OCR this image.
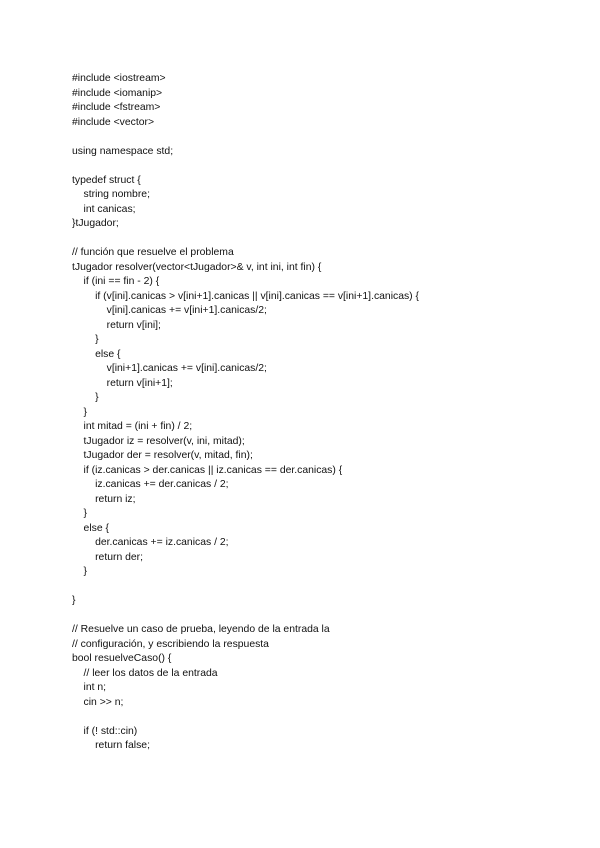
#include <iostream>
#include <iomanip>
#include <fstream>
#include <vector>
using namespace std;
typedef struct {
string nombre;
int canicas;
}tJugador;
// función que resuelve el problema
tJugador resolver(vector<tJugador>& v, int ini, int fin) {
if (ini == fin - 2) {
if (v[ini].canicas > v[ini+1].canicas || v[ini].canicas == v[ini+1].canicas) {
v[ini].canicas += v[ini+1].canicas/2;
return v[ini];
}
else {
v[ini+1].canicas += v[ini].canicas/2;
return v[ini+1];
}
}
int mitad = (ini + fin) / 2;
tJugador iz = resolver(v, ini, mitad);
tJugador der = resolver(v, mitad, fin);
if (iz.canicas > der.canicas || iz.canicas == der.canicas) {
iz.canicas += der.canicas / 2;
return iz;
}
else {
der.canicas += iz.canicas / 2;
return der;
}
}
// Resuelve un caso de prueba, leyendo de la entrada la
// configuración, y escribiendo la respuesta
bool resuelveCaso() {
// leer los datos de la entrada
int n;
cin >> n;
if (! std::cin)
return false;
